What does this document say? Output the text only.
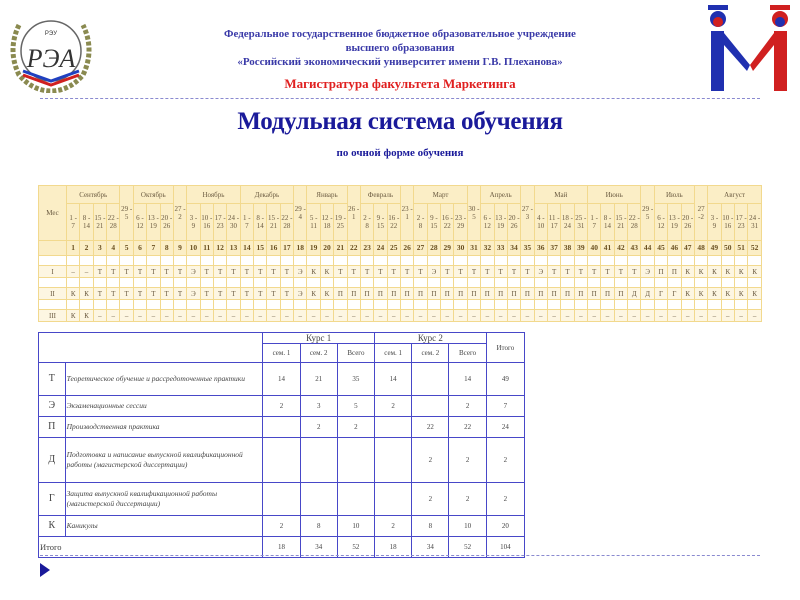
РЭУ
РЭА
Федеральное государственное бюджетное образовательное учреждение
высшего образования
«Российский экономический университет имени Г.В. Плеханова»
Магистратура факультета Маркетинга
Модульная система обучения
по очной форме обучения
Мес	Сентябрь				29 - 5	Октябрь			27 - 2	Ноябрь				Декабрь				29 - 4	Январь			26 - 1	Февраль			23 - 1	Март				30 - 5	Апрель			27 - 3	Май				Июнь				29 - 5	Июль			27 -2	Август			
	1 - 7	8 - 14	15 - 21	22 - 28		6 - 12	13 - 19	20 - 26		3 - 9	10 - 16	17 - 23	24 - 30	1 - 7	8 - 14	15 - 21	22 - 28		5 - 11	12 - 18	19 - 25		2 - 8	9 - 15	16 - 22		2 - 8	9 - 15	16 - 22	23 - 29		6 - 12	13 - 19	20 - 26		4 - 10	11 - 17	18 - 24	25 - 31	1 - 7	8 - 14	15 - 21	22 - 28		6 - 12	13 - 19	20 - 26		3 - 9	10 - 16	17 - 23	24 - 31
	1	2	3	4	5	6	7	8	9	10	11	12	13	14	15	16	17	18	19	20	21	22	23	24	25	26	27	28	29	30	31	32	33	34	35	36	37	38	39	40	41	42	43	44	45	46	47	48	49	50	51	52

I	–	–	Т	Т	Т	Т	Т	Т	Т	Э	Т	Т	Т	Т	Т	Т	Т	Э	К	К	Т	Т	Т	Т	Т	Т	Т	Э	Т	Т	Т	Т	Т	Т	Т	Э	Т	Т	Т	Т	Т	Т	Т	Э	П	П	К	К	К	К	К	К

II	К	К	Т	Т	Т	Т	Т	Т	Т	Э	Т	Т	Т	Т	Т	Т	Т	Э	К	К	П	П	П	П	П	П	П	П	П	П	П	П	П	П	П	П	П	П	П	П	П	П	Д	Д	Г	Г	К	К	К	К	К	К

III	К	К	–	–	–	–	–	–	–	–	–	–	–	–	–	–	–	–	–	–	–	–	–	–	–	–	–	–	–	–	–	–	–	–	–	–	–	–	–	–	–	–	–	–	–	–	–	–	–	–	–	–
		Курс 1			Курс 2			Итого
		сем. 1	сем. 2	Всего	сем. 1	сем. 2	Всего	
Т	Теоретическое обучение и рассредоточенные практики	14	21	35	14		14	49
Э	Экзаменационные сессии	2	3	5	2		2	7
П	Производственная практика		2	2		22	22	24
Д	Подготовка и написание выпускной квалификационной работы (магистерской диссертации)					2	2	2
Г	Защита выпускной квалификационной работы (магистерской диссертации)					2	2	2
К	Каникулы	2	8	10	2	8	10	20
Итого		18	34	52	18	34	52	104
